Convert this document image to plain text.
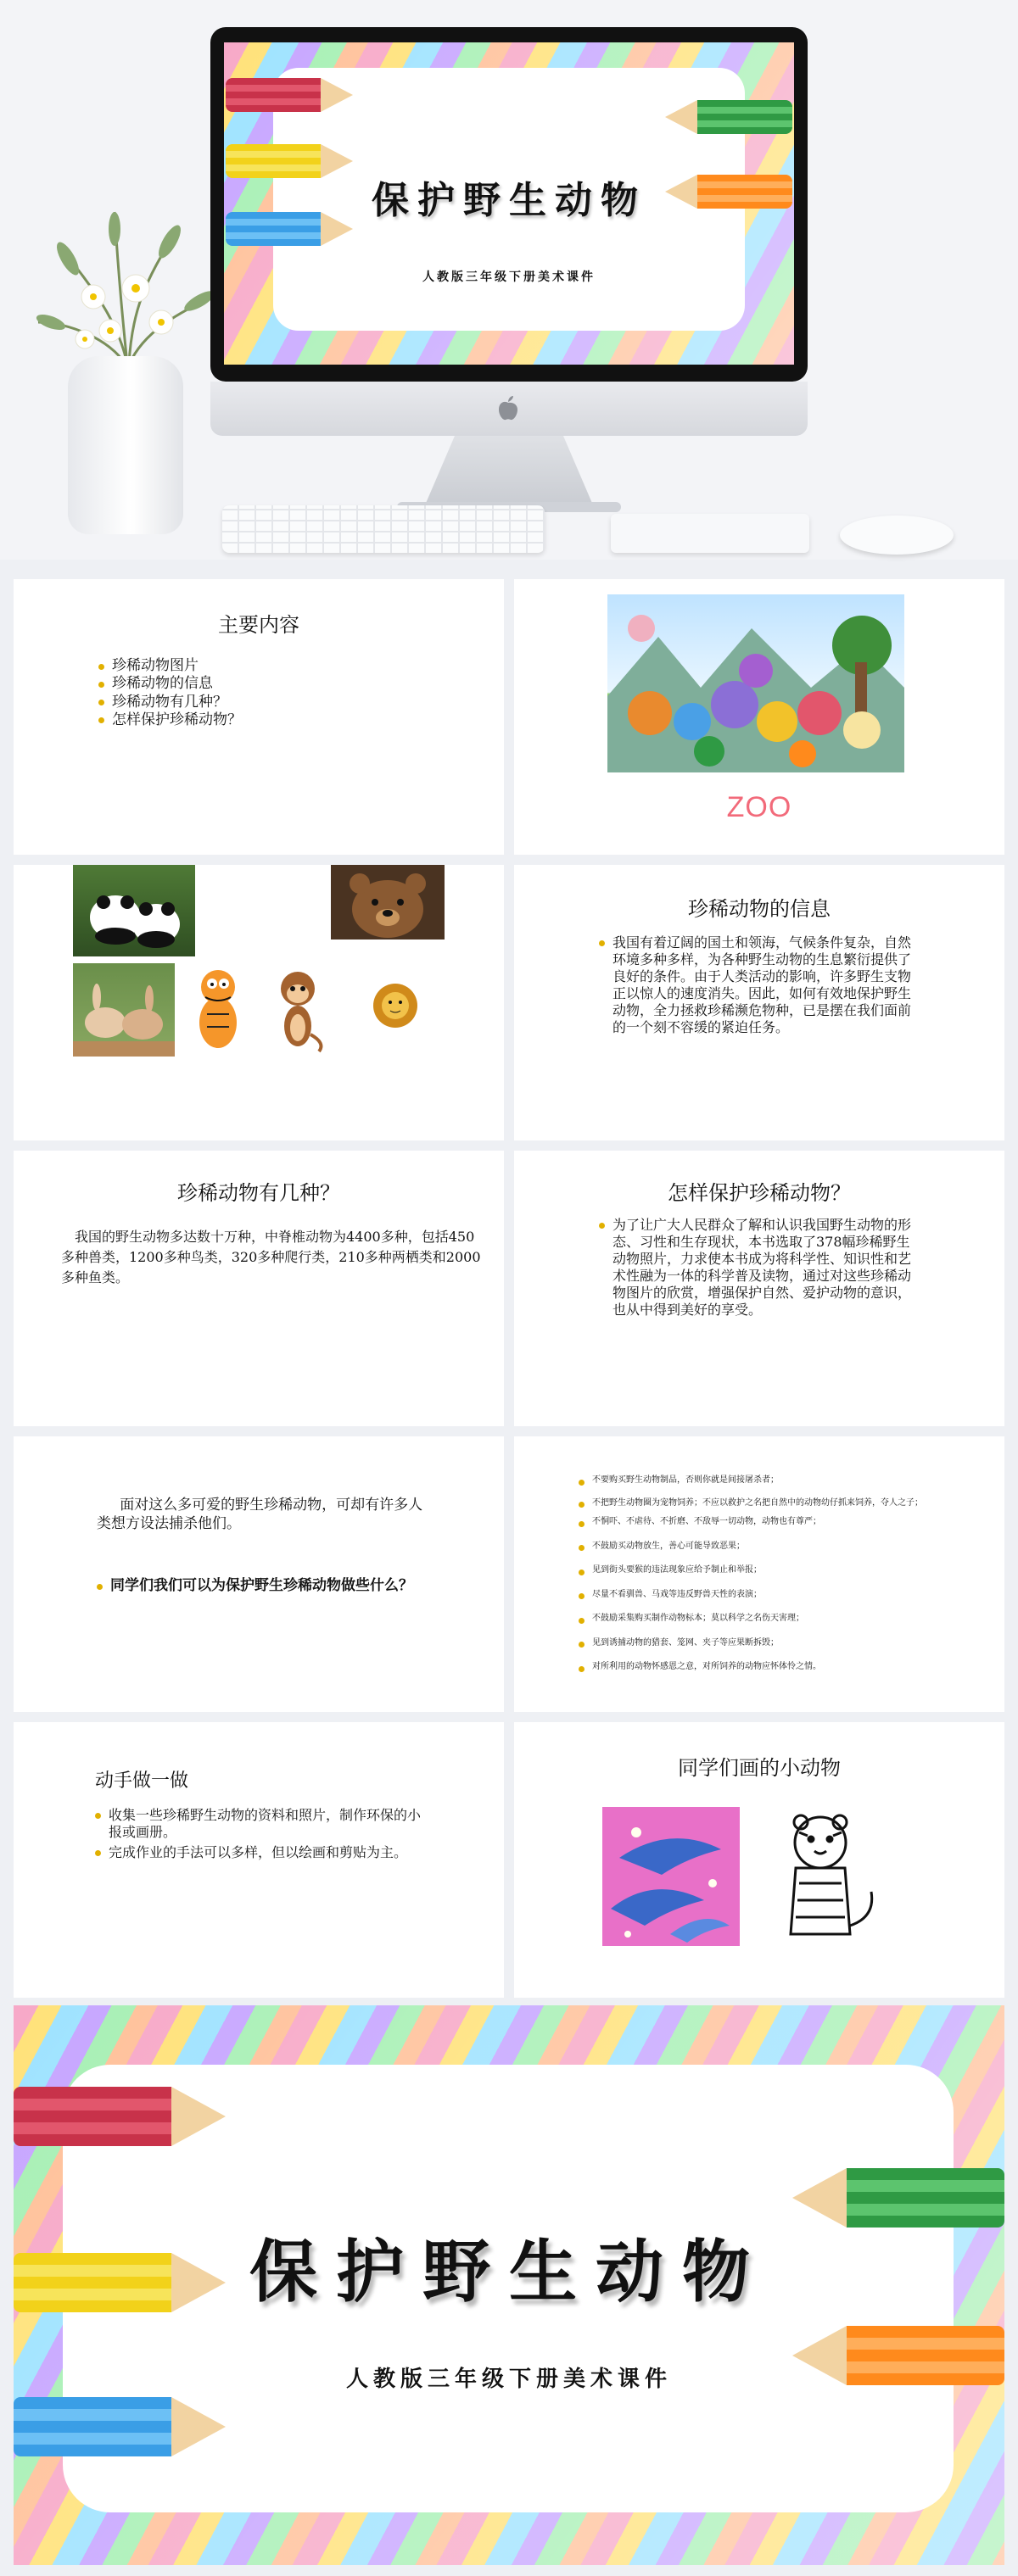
保护野生动物
人教版三年级下册美术课件
主要内容
珍稀动物图片
珍稀动物的信息
珍稀动物有几种？
怎样保护珍稀动物？
ZOO
珍稀动物的信息
我国有着辽阔的国土和领海，气候条件复杂，自然环境多种多样，为各种野生动物的生息繁衍提供了良好的条件。由于人类活动的影响，许多野生支物正以惊人的速度消失。因此，如何有效地保护野生动物，全力拯救珍稀濒危物种，已是摆在我们面前的一个刻不容缓的紧迫任务。
珍稀动物有几种？
我国的野生动物多达数十万种，中脊椎动物为4400多种，包括450多种兽类，1200多种鸟类，320多种爬行类，210多种两栖类和2000多种鱼类。
怎样保护珍稀动物？
为了让广大人民群众了解和认识我国野生动物的形态、习性和生存现状，本书选取了378幅珍稀野生动物照片，力求使本书成为将科学性、知识性和艺术性融为一体的科学普及读物，通过对这些珍稀动物图片的欣赏，增强保护自然、爱护动物的意识，也从中得到美好的享受。
面对这么多可爱的野生珍稀动物，可却有许多人类想方设法捕杀他们。
同学们我们可以为保护野生珍稀动物做些什么？
不要购买野生动物制品，否则你就是间接屠杀者；
不把野生动物圈为宠物饲养；不应以救护之名把自然中的动物幼仔抓来饲养，夺人之子；
不恫吓、不虐待、不折磨、不敌辱一切动物，动物也有尊严；
不鼓励买动物放生，善心可能导致恶果；
见到街头要猴的违法现象应给予制止和举报；
尽量不看驯兽、马戏等违反野兽天性的表演；
不鼓励采集购买制作动物标本；莫以科学之名伤天害理；
见到诱捕动物的猎套、笼网、夹子等应果断拆毁；
对所利用的动物怀感恩之意，对所饲养的动物应怀体怜之情。
动手做一做
收集一些珍稀野生动物的资料和照片，制作环保的小报或画册。
完成作业的手法可以多样，但以绘画和剪贴为主。
同学们画的小动物
保护野生动物
人教版三年级下册美术课件
